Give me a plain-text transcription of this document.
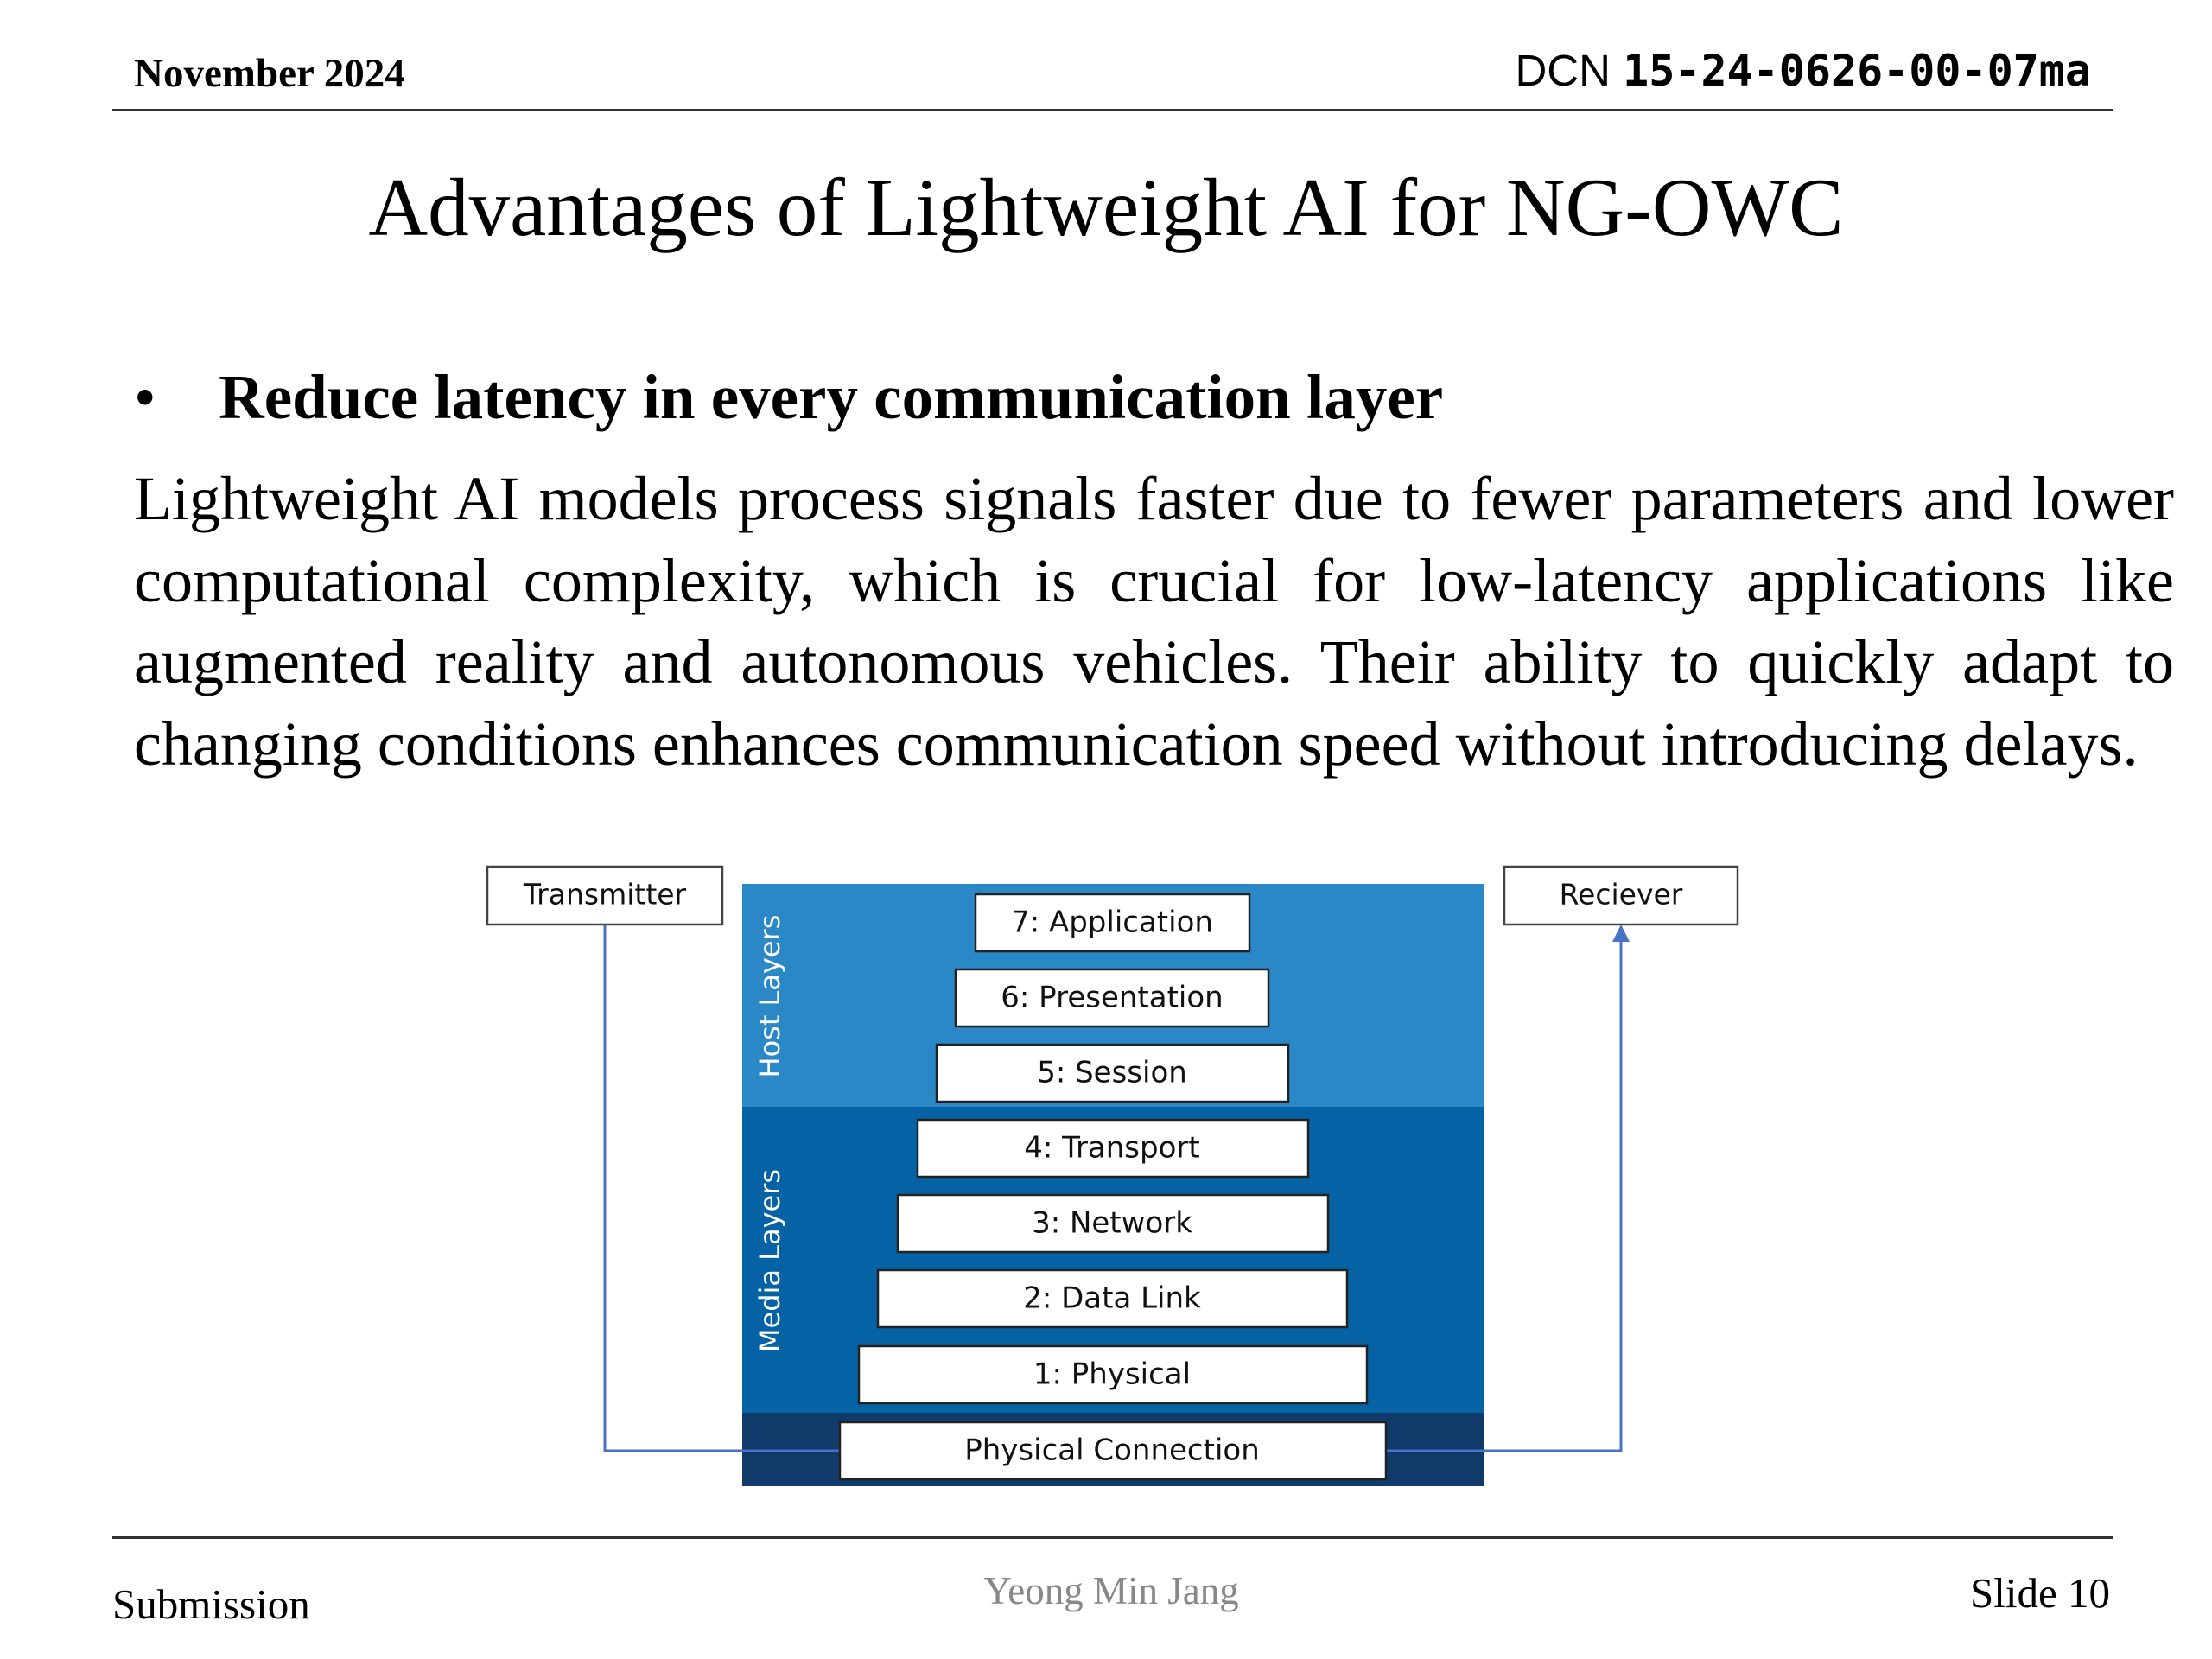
November 2024	DCN 15-24-0626-00-07ma
Advantages of Lightweight AI for NG-OWC
• Reduce latency in every communication layer
Lightweight AI models process signals faster due to fewer parameters and lower computational complexity, which is crucial for low-latency applications like augmented reality and autonomous vehicles. Their ability to quickly adapt to changing conditions enhances communication speed without introducing delays.
Host Layers
Media Layers
Transmitter	Reciever
7: Application
6: Presentation
5: Session
4: Transport
3: Network
2: Data Link
1: Physical
Physical Connection
Submission	Yeong Min Jang	Slide 10
